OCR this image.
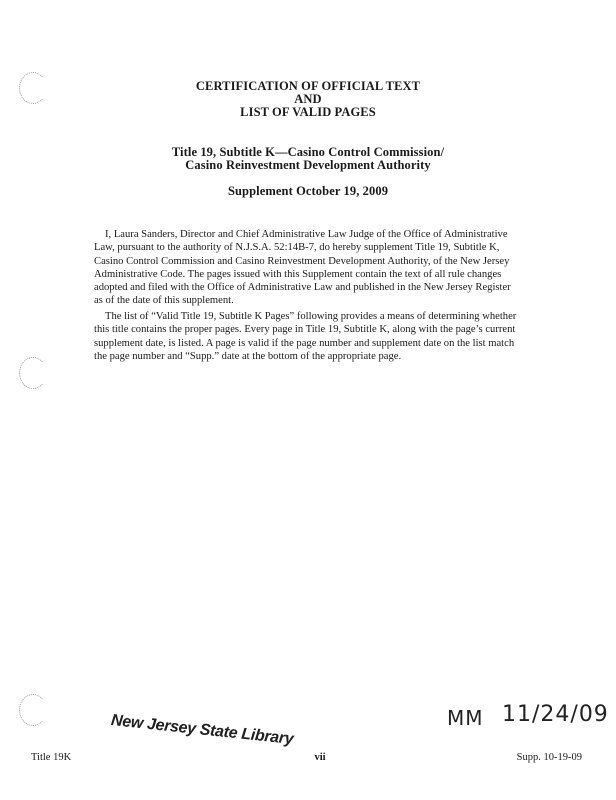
CERTIFICATION OF OFFICIAL TEXT
AND
LIST OF VALID PAGES
Title 19, Subtitle K—Casino Control Commission/
Casino Reinvestment Development Authority
Supplement October 19, 2009
I, Laura Sanders, Director and Chief Administrative Law Judge of the Office of Administrative
Law, pursuant to the authority of N.J.S.A. 52:14B-7, do hereby supplement Title 19, Subtitle K,
Casino Control Commission and Casino Reinvestment Development Authority, of the New Jersey
Administrative Code. The pages issued with this Supplement contain the text of all rule changes
adopted and filed with the Office of Administrative Law and published in the New Jersey Register
as of the date of this supplement.
The list of “Valid Title 19, Subtitle K Pages” following provides a means of determining whether
this title contains the proper pages. Every page in Title 19, Subtitle K, along with the page’s current
supplement date, is listed. A page is valid if the page number and supplement date on the list match
the page number and “Supp.” date at the bottom of the appropriate page.
New Jersey State Library	MM 11/24/09
Title 19K	vii	Supp. 10-19-09
